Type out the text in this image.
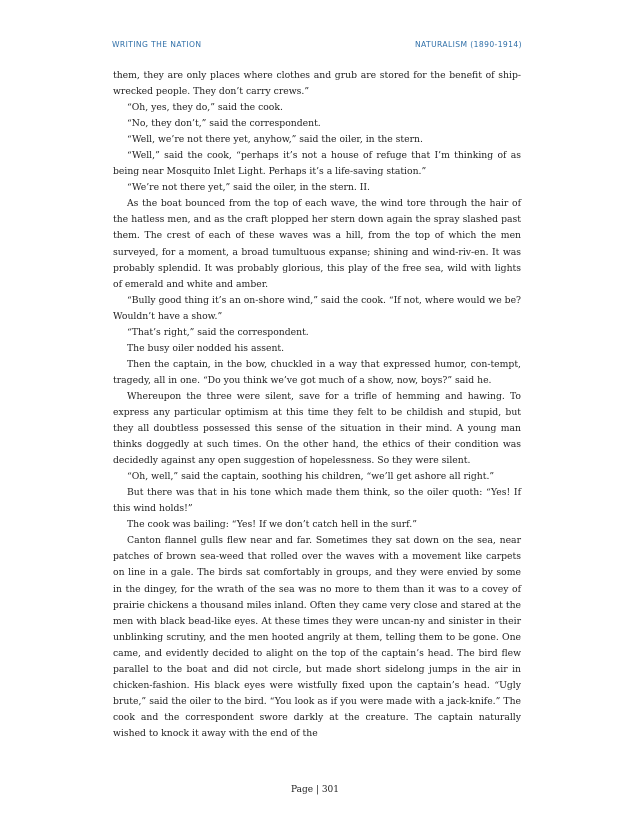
WRITING THE NATION	NATURALISM (1890-1914)

them, they are only places where clothes and grub are stored for the benefit of ship-wrecked people. They don’t carry crews.”

“Oh, yes, they do,” said the cook.

“No, they don’t,” said the correspondent.

“Well, we’re not there yet, anyhow,” said the oiler, in the stern.

“Well,” said the cook, “perhaps it’s not a house of refuge that I’m thinking of as being near Mosquito Inlet Light. Perhaps it’s a life-saving station.”

“We’re not there yet,” said the oiler, in the stern. II.

As the boat bounced from the top of each wave, the wind tore through the hair of the hatless men, and as the craft plopped her stern down again the spray slashed past them. The crest of each of these waves was a hill, from the top of which the men surveyed, for a moment, a broad tumultuous expanse; shining and wind-riv-en. It was probably splendid. It was probably glorious, this play of the free sea, wild with lights of emerald and white and amber.

“Bully good thing it’s an on-shore wind,” said the cook. “If not, where would we be? Wouldn’t have a show.”

“That’s right,” said the correspondent.

The busy oiler nodded his assent.

Then the captain, in the bow, chuckled in a way that expressed humor, con-tempt, tragedy, all in one. “Do you think we’ve got much of a show, now, boys?” said he.

Whereupon the three were silent, save for a trifle of hemming and hawing. To express any particular optimism at this time they felt to be childish and stupid, but they all doubtless possessed this sense of the situation in their mind. A young man thinks doggedly at such times. On the other hand, the ethics of their condition was decidedly against any open suggestion of hopelessness. So they were silent.

“Oh, well,” said the captain, soothing his children, “we’ll get ashore all right.”

But there was that in his tone which made them think, so the oiler quoth: “Yes! If this wind holds!”

The cook was bailing: “Yes! If we don’t catch hell in the surf.”

Canton flannel gulls flew near and far. Sometimes they sat down on the sea, near patches of brown sea-weed that rolled over the waves with a movement like carpets on line in a gale. The birds sat comfortably in groups, and they were envied by some in the dingey, for the wrath of the sea was no more to them than it was to a covey of prairie chickens a thousand miles inland. Often they came very close and stared at the men with black bead-like eyes. At these times they were uncan-ny and sinister in their unblinking scrutiny, and the men hooted angrily at them, telling them to be gone. One came, and evidently decided to alight on the top of the captain’s head. The bird flew parallel to the boat and did not circle, but made short sidelong jumps in the air in chicken-fashion. His black eyes were wistfully fixed upon the captain’s head. “Ugly brute,” said the oiler to the bird. “You look as if you were made with a jack-knife.” The cook and the correspondent swore darkly at the creature. The captain naturally wished to knock it away with the end of the

Page | 301
